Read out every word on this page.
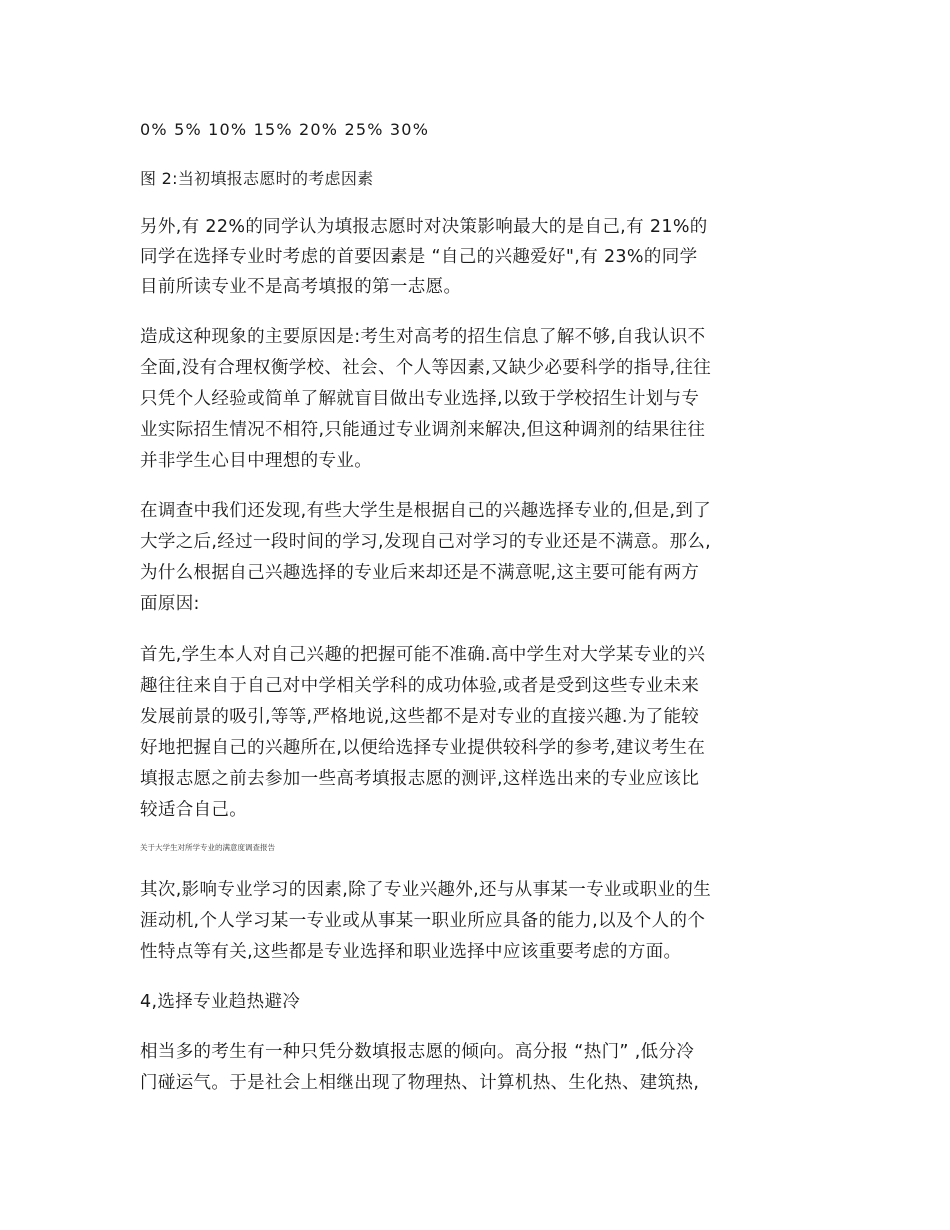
0% 5% 10% 15% 20% 25% 30%
图 2:当初填报志愿时的考虑因素
另外,有 22%的同学认为填报志愿时对决策影响最大的是自己,有 21%的
同学在选择专业时考虑的首要因素是 “自己的兴趣爱好",有 23%的同学
目前所读专业不是高考填报的第一志愿。
造成这种现象的主要原因是:考生对高考的招生信息了解不够,自我认识不
全面,没有合理权衡学校、社会、个人等因素,又缺少必要科学的指导,往往
只凭个人经验或简单了解就盲目做出专业选择,以致于学校招生计划与专
业实际招生情况不相符,只能通过专业调剂来解决,但这种调剂的结果往往
并非学生心目中理想的专业。
在调查中我们还发现,有些大学生是根据自己的兴趣选择专业的,但是,到了
大学之后,经过一段时间的学习,发现自己对学习的专业还是不满意。那么,
为什么根据自己兴趣选择的专业后来却还是不满意呢,这主要可能有两方
面原因:
首先,学生本人对自己兴趣的把握可能不准确.高中学生对大学某专业的兴
趣往往来自于自己对中学相关学科的成功体验,或者是受到这些专业未来
发展前景的吸引,等等,严格地说,这些都不是对专业的直接兴趣.为了能较
好地把握自己的兴趣所在,以便给选择专业提供较科学的参考,建议考生在
填报志愿之前去参加一些高考填报志愿的测评,这样选出来的专业应该比
较适合自己。
关于大学生对所学专业的满意度调查报告
其次,影响专业学习的因素,除了专业兴趣外,还与从事某一专业或职业的生
涯动机,个人学习某一专业或从事某一职业所应具备的能力,以及个人的个
性特点等有关,这些都是专业选择和职业选择中应该重要考虑的方面。
4,选择专业趋热避冷
相当多的考生有一种只凭分数填报志愿的倾向。高分报 “热门” ,低分冷
门碰运气。于是社会上相继出现了物理热、计算机热、生化热、建筑热,
